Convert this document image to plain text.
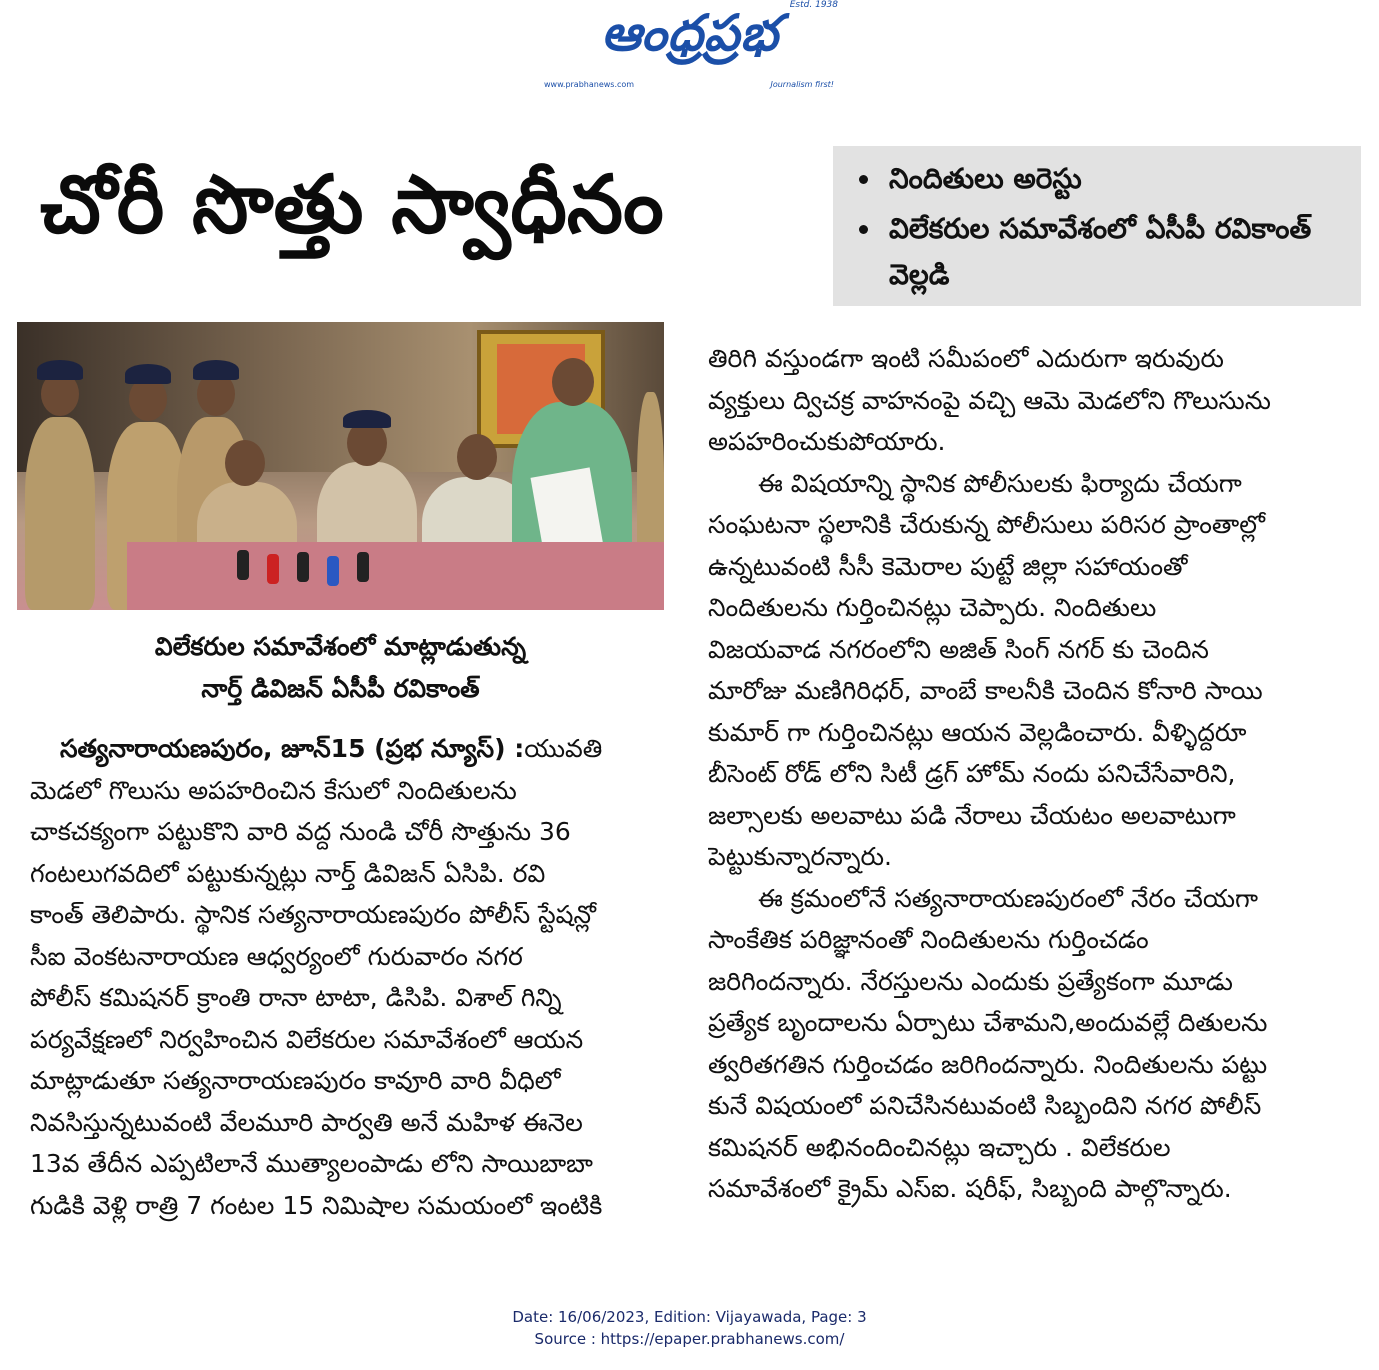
ఆంధ్రప్రభ	Estd. 1938
www.prabhanews.com	Journalism first!
చోరీ సొత్తు స్వాధీనం	నిందితులు అరెస్టు
విలేకరుల సమావేశంలో ఏసీపీ రవికాంత్ వెల్లడి
విలేకరుల సమావేశంలో మాట్లాడుతున్న
నార్త్ డివిజన్ ఏసీపీ రవికాంత్
సత్యనారాయణపురం, జూన్15 (ప్రభ న్యూస్) :యువతి
మెడలో గొలుసు అపహరించిన కేసులో నిందితులను
చాకచక్యంగా పట్టుకొని వారి వద్ద నుండి చోరీ సొత్తును 36
గంటలుగవదిలో పట్టుకున్నట్లు నార్త్ డివిజన్ ఏసిపి. రవి
కాంత్ తెలిపారు. స్థానిక సత్యనారాయణపురం పోలీస్ స్టేషన్లో
సీఐ వెంకటనారాయణ ఆధ్వర్యంలో గురువారం నగర
పోలీస్ కమిషనర్ క్రాంతి రానా టాటా, డిసిపి. విశాల్ గిన్ని
పర్యవేక్షణలో నిర్వహించిన విలేకరుల సమావేశంలో ఆయన
మాట్లాడుతూ సత్యనారాయణపురం కావూరి వారి వీధిలో
నివసిస్తున్నటువంటి వేలమూరి పార్వతి అనే మహిళ ఈనెల
13వ తేదీన ఎప్పటిలానే ముత్యాలంపాడు లోని సాయిబాబా
గుడికి వెళ్లి రాత్రి 7 గంటల 15 నిమిషాల సమయంలో ఇంటికి
తిరిగి వస్తుండగా ఇంటి సమీపంలో ఎదురుగా ఇరువురు
వ్యక్తులు ద్విచక్ర వాహనంపై వచ్చి ఆమె మెడలోని గొలుసును
అపహరించుకుపోయారు.
ఈ విషయాన్ని స్థానిక పోలీసులకు ఫిర్యాదు చేయగా
సంఘటనా స్థలానికి చేరుకున్న పోలీసులు పరిసర ప్రాంతాల్లో
ఉన్నటువంటి సీసీ కెమెరాల పుట్టే జిల్లా సహాయంతో
నిందితులను గుర్తించినట్లు చెప్పారు. నిందితులు
విజయవాడ నగరంలోని అజిత్ సింగ్ నగర్ కు చెందిన
మారోజు మణిగిరిధర్, వాంబే కాలనీకి చెందిన కోనారి సాయి
కుమార్ గా గుర్తించినట్లు ఆయన వెల్లడించారు. వీళ్ళిద్దరూ
బీసెంట్ రోడ్ లోని సిటీ డ్రగ్ హోమ్ నందు పనిచేసేవారిని,
జల్సాలకు అలవాటు పడి నేరాలు చేయటం అలవాటుగా
పెట్టుకున్నారన్నారు.
ఈ క్రమంలోనే సత్యనారాయణపురంలో నేరం చేయగా
సాంకేతిక పరిజ్ఞానంతో నిందితులను గుర్తించడం
జరిగిందన్నారు. నేరస్తులను ఎందుకు ప్రత్యేకంగా మూడు
ప్రత్యేక బృందాలను ఏర్పాటు చేశామని,అందువల్లే దితులను
త్వరితగతిన గుర్తించడం జరిగిందన్నారు. నిందితులను పట్టు
కునే విషయంలో పనిచేసినటువంటి సిబ్బందిని నగర పోలీస్
కమిషనర్ అభినందించినట్లు ఇచ్చారు . విలేకరుల
సమావేశంలో క్రైమ్ ఎస్ఐ. షరీఫ్, సిబ్బంది పాల్గొన్నారు.
Date: 16/06/2023, Edition: Vijayawada, Page: 3
Source : https://epaper.prabhanews.com/
